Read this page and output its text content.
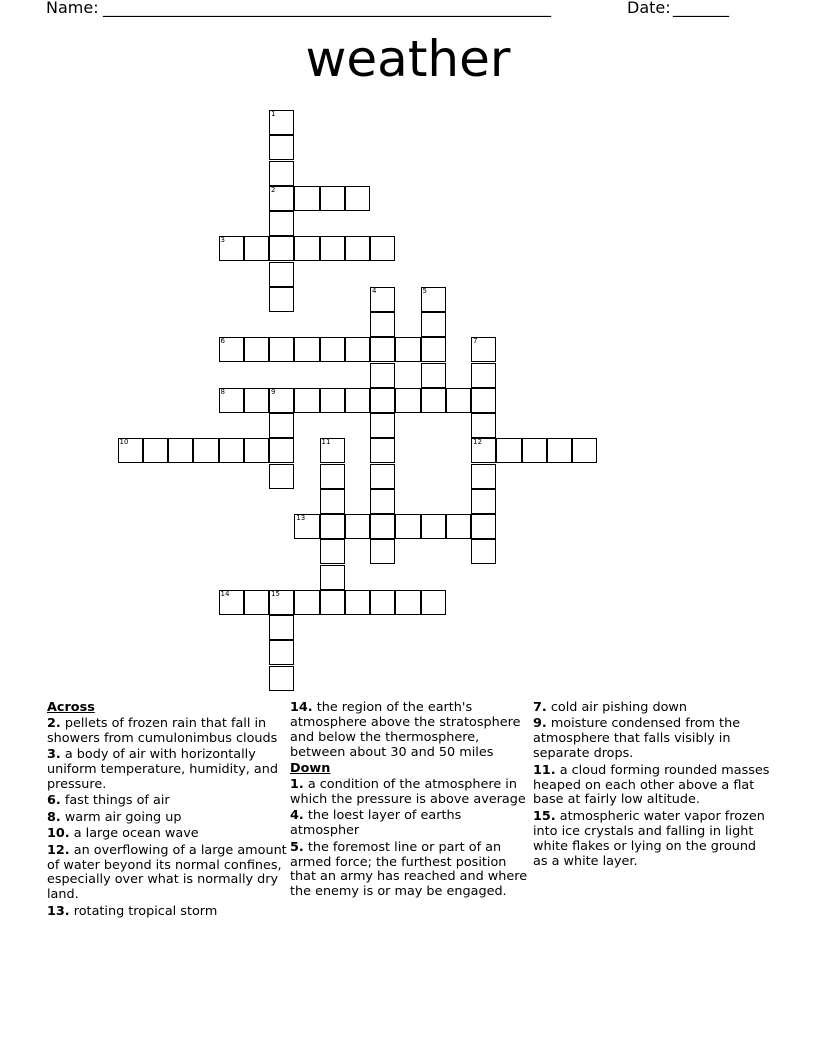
Name: ________________________________________________________	Date: _______
weather
1
2
3
4	5
6	7
12
8	9
10	11
13
14	15
Across
2. pellets of frozen rain that fall in showers from cumulonimbus clouds
3. a body of air with horizontally uniform temperature, humidity, and pressure.
6. fast things of air
8. warm air going up
10. a large ocean wave
12. an overflowing of a large amount of water beyond its normal confines, especially over what is normally dry land.
13. rotating tropical storm
14. the region of the earth's atmosphere above the stratosphere and below the thermosphere, between about 30 and 50 miles
Down
1. a condition of the atmosphere in which the pressure is above average
4. the loest layer of earths atmospher
5. the foremost line or part of an armed force; the furthest position that an army has reached and where the enemy is or may be engaged.
7. cold air pishing down
9. moisture condensed from the atmosphere that falls visibly in separate drops.
11. a cloud forming rounded masses heaped on each other above a flat base at fairly low altitude.
15. atmospheric water vapor frozen into ice crystals and falling in light white flakes or lying on the ground as a white layer.
